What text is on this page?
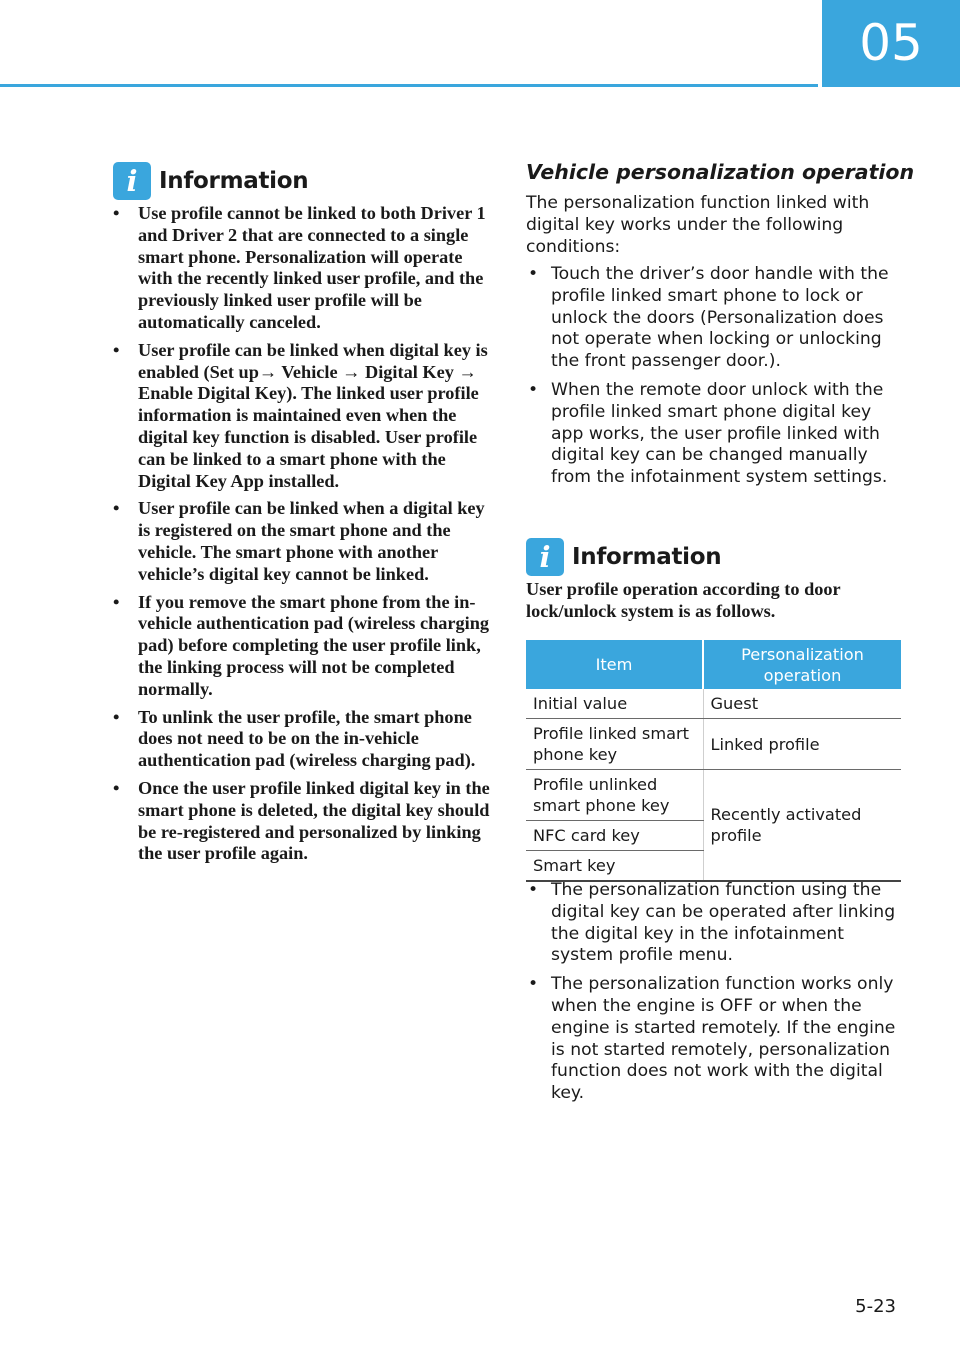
05
i Information
• Use profile cannot be linked to both Driver 1 and Driver 2 that are connected to a single smart phone. Personalization will operate with the recently linked user profile, and the previously linked user profile will be automatically canceled.
• User profile can be linked when digital key is enabled (Set up→ Vehicle → Digital Key → Enable Digital Key). The linked user profile information is maintained even when the digital key function is disabled. User profile can be linked to a smart phone with the Digital Key App installed.
• User profile can be linked when a digital key is registered on the smart phone and the vehicle. The smart phone with another vehicle’s digital key cannot be linked.
• If you remove the smart phone from the in-vehicle authentication pad (wireless charging pad) before completing the user profile link, the linking process will not be completed normally.
• To unlink the user profile, the smart phone does not need to be on the in-vehicle authentication pad (wireless charging pad).
• Once the user profile linked digital key in the smart phone is deleted, the digital key should be re-registered and personalized by linking the user profile again.
Vehicle personalization operation

The personalization function linked with digital key works under the following conditions:

• Touch the driver’s door handle with the profile linked smart phone to lock or unlock the doors (Personalization does not operate when locking or unlocking the front passenger door.).
• When the remote door unlock with the profile linked smart phone digital key app works, the user profile linked with digital key can be changed manually from the infotainment system settings.
i Information

User profile operation according to door lock/unlock system is as follows.

Item	Personalization operation
Initial value	Guest
Profile linked smart phone key	Linked profile
Profile unlinked smart phone key	Recently activated profile
NFC card key	
Smart key	
• The personalization function using the digital key can be operated after linking the digital key in the infotainment system profile menu.
• The personalization function works only when the engine is OFF or when the engine is started remotely. If the engine is not started remotely, personalization function does not work with the digital key.
5-23
